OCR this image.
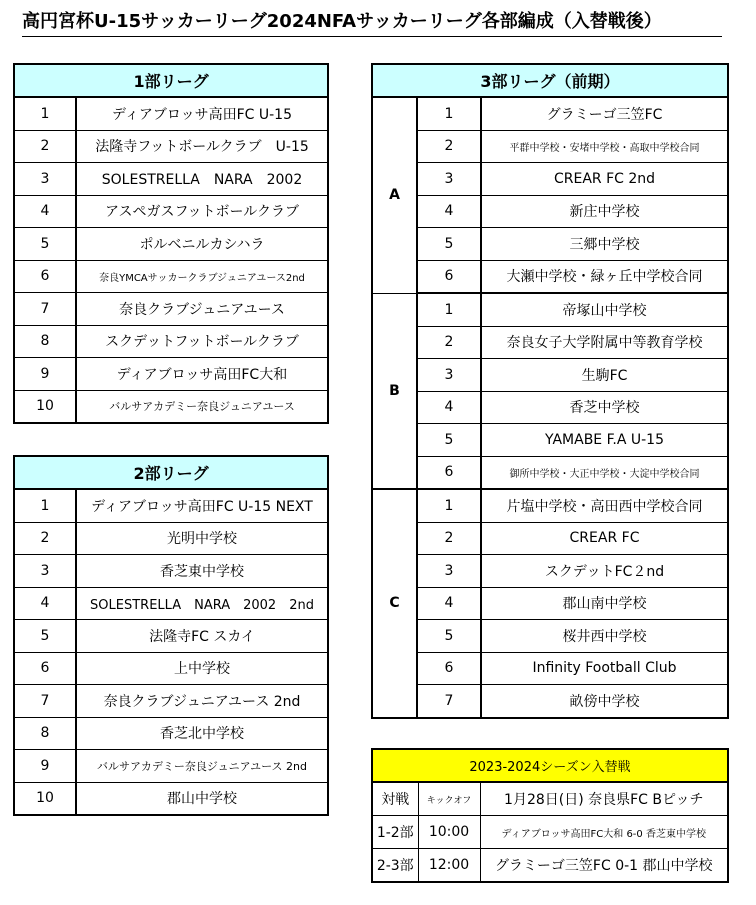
高円宮杯U-15サッカーリーグ2024NFAサッカーリーグ各部編成（入替戦後）
1部リーグ	
1	ディアブロッサ高田FC U-15
2	法隆寺フットボールクラブ　U-15
3	SOLESTRELLA　NARA　2002
4	アスペガスフットボールクラブ
5	ポルベニルカシハラ
6	奈良YMCAサッカークラブジュニアユース2nd
7	奈良クラブジュニアユース
8	スクデットフットボールクラブ
9	ディアブロッサ高田FC大和
10	バルサアカデミー奈良ジュニアユース
2部リーグ	
1	ディアブロッサ高田FC U-15 NEXT
2	光明中学校
3	香芝東中学校
4	SOLESTRELLA　NARA　2002　2nd
5	法隆寺FC スカイ
6	上中学校
7	奈良クラブジュニアユース 2nd
8	香芝北中学校
9	バルサアカデミー奈良ジュニアユース 2nd
10	郡山中学校
3部リーグ（前期）		
A	1	グラミーゴ三笠FC
	2	平群中学校・安堵中学校・高取中学校合同
	3	CREAR FC 2nd
	4	新庄中学校
	5	三郷中学校
	6	大瀬中学校・緑ヶ丘中学校合同
B	1	帝塚山中学校
	2	奈良女子大学附属中等教育学校
	3	生駒FC
	4	香芝中学校
	5	YAMABE F.A U-15
	6	御所中学校・大正中学校・大淀中学校合同
C	1	片塩中学校・高田西中学校合同
	2	CREAR FC
	3	スクデットFC２nd
	4	郡山南中学校
	5	桜井西中学校
	6	Infinity Football Club
	7	畝傍中学校
2023-2024シーズン入替戦		
対戦	キックオフ	1月28日(日) 奈良県FC Bピッチ
1-2部	10:00	ディアブロッサ高田FC大和 6-0 香芝東中学校
2-3部	12:00	グラミーゴ三笠FC 0-1 郡山中学校
